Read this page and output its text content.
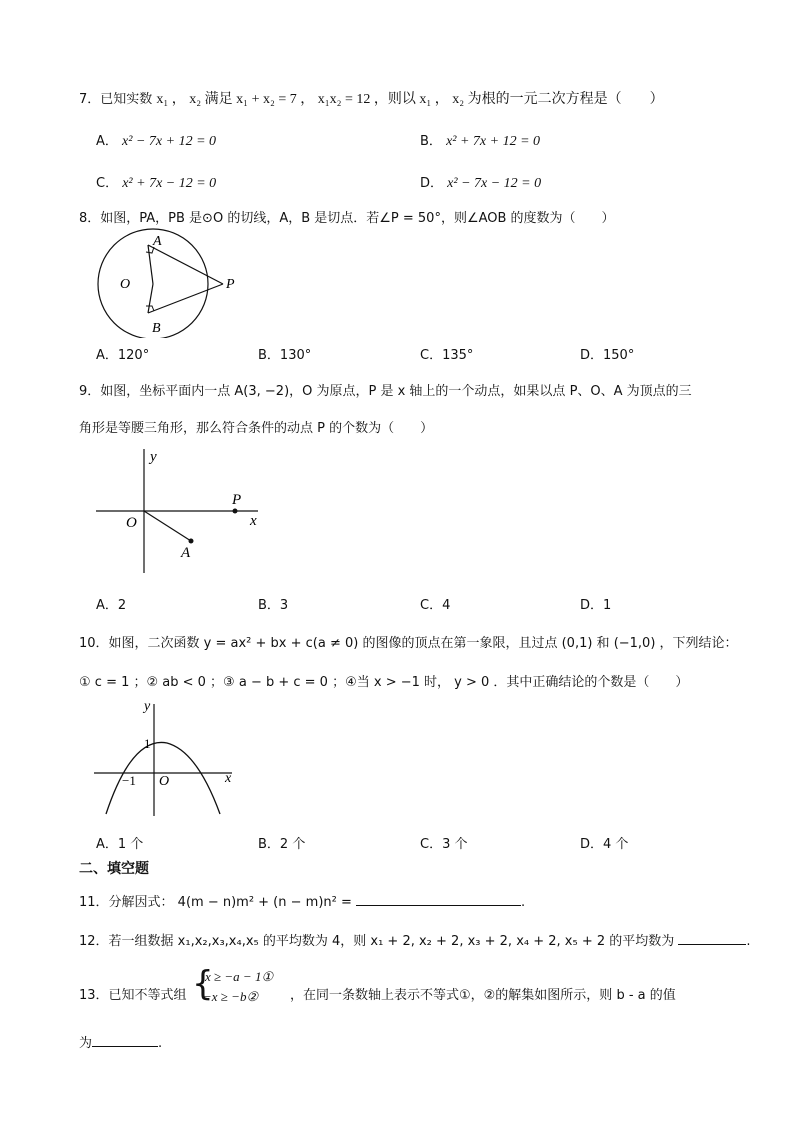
7．已知实数 x₁ ， x₂ 满足 x₁ + x₂ = 7 ， x₁x₂ = 12 ，则以 x₁ ， x₂ 为根的一元二次方程是（　　）
A． x² − 7x + 12 = 0	B． x² + 7x + 12 = 0
C． x² + 7x − 12 = 0	D． x² − 7x − 12 = 0
8．如图，PA，PB 是⊙O 的切线，A，B 是切点．若∠P = 50°，则∠AOB 的度数为（　　）
A
B
O	P
A．120°	B．130°	C．135°	D．150°
9．如图，坐标平面内一点 A(3, −2)，O 为原点，P 是 x 轴上的一个动点，如果以点 P、O、A 为顶点的三
角形是等腰三角形，那么符合条件的动点 P 的个数为（　　）
y
x
O
P
A
A．2	B．3	C．4	D．1
10．如图，二次函数 y = ax² + bx + c(a ≠ 0) 的图像的顶点在第一象限，且过点 (0,1) 和 (−1,0) ，下列结论：
① c = 1 ；② ab < 0 ；③ a − b + c = 0 ；④当 x > −1 时， y > 0 ．其中正确结论的个数是（　　）
y
x
O
1
−1
A．1 个	B．2 个	C．3 个	D．4 个
二、填空题
11．分解因式： 4(m − n)m² + (n − m)n² =	.
12．若一组数据 x₁,x₂,x₃,x₄,x₅ 的平均数为 4，则 x₁ + 2, x₂ + 2, x₃ + 2, x₄ + 2, x₅ + 2 的平均数为	.
13．已知不等式组 {
x ≥ −a − 1①
−x ≥ −b② ，在同一条数轴上表示不等式①，②的解集如图所示，则 b - a 的值
为	.
